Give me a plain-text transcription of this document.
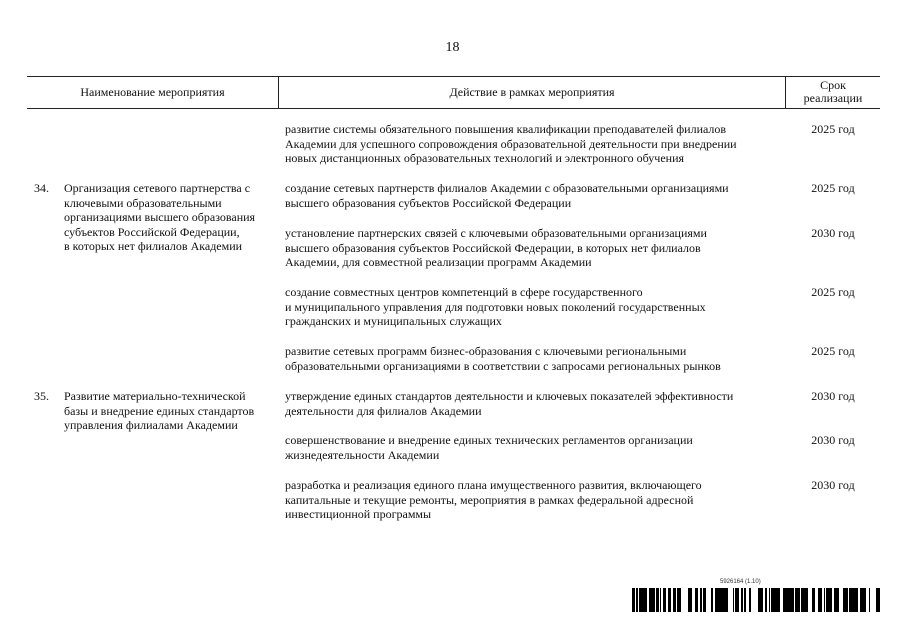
18
Наименование мероприятия	Действие в рамках мероприятия	Срок
реализации
34. Организация сетевого партнерства с
ключевыми образовательными
организациями высшего образования
субъектов Российской Федерации,
в которых нет филиалов Академии
35. Развитие материально-технической
базы и внедрение единых стандартов
управления филиалами Академии
развитие системы обязательного повышения квалификации преподавателей филиалов
Академии для успешного сопровождения образовательной деятельности при внедрении
новых дистанционных образовательных технологий и электронного обучения
2025 год
создание сетевых партнерств филиалов Академии с образовательными организациями
высшего образования субъектов Российской Федерации
2025 год
установление партнерских связей с ключевыми образовательными организациями
высшего образования субъектов Российской Федерации, в которых нет филиалов
Академии, для совместной реализации программ Академии
2030 год
создание совместных центров компетенций в сфере государственного
и муниципального управления для подготовки новых поколений государственных
гражданских и муниципальных служащих
2025 год
развитие сетевых программ бизнес-образования с ключевыми региональными
образовательными организациями в соответствии с запросами региональных рынков
2025 год
утверждение единых стандартов деятельности и ключевых показателей эффективности
деятельности для филиалов Академии
2030 год
совершенствование и внедрение единых технических регламентов организации
жизнедеятельности Академии
2030 год
разработка и реализация единого плана имущественного развития, включающего
капитальные и текущие ремонты, мероприятия в рамках федеральной адресной
инвестиционной программы
2030 год
5926164 (1.10)
